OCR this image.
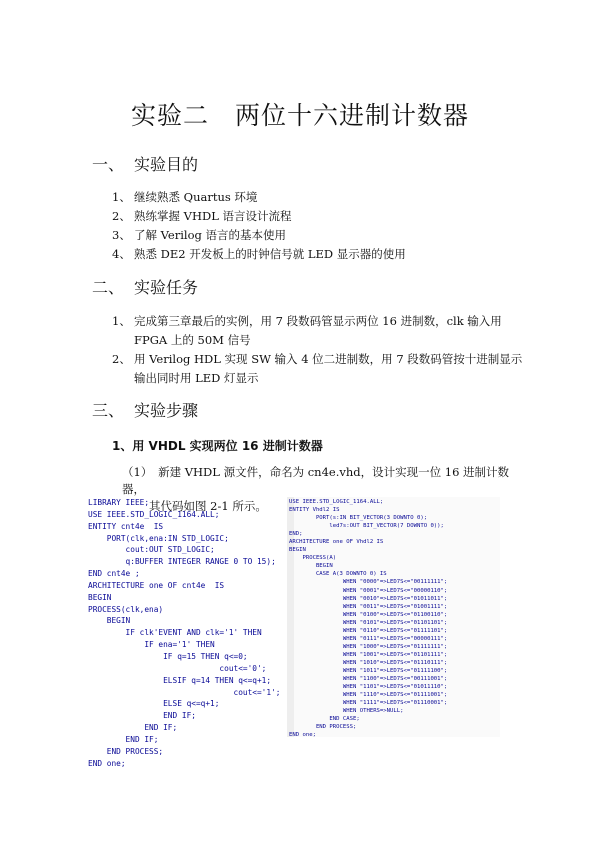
实验二　两位十六进制计数器
一、 实验目的
1、 继续熟悉 Quartus 环境
2、 熟练掌握 VHDL 语言设计流程
3、 了解 Verilog 语言的基本使用
4、 熟悉 DE2 开发板上的时钟信号就 LED 显示器的使用
二、 实验任务
1、 完成第三章最后的实例，用 7 段数码管显示两位 16 进制数，clk 输入用
FPGA 上的 50M 信号
2、 用 Verilog HDL 实现 SW 输入 4 位二进制数，用 7 段数码管按十进制显示
输出同时用 LED 灯显示
三、 实验步骤
1、用 VHDL 实现两位 16 进制计数器
（1）　新建 VHDL 源文件，命名为 cn4e.vhd，设计实现一位 16 进制计数器，
其代码如图 2-1 所示。
LIBRARY IEEE;
USE IEEE.STD_LOGIC_1164.ALL;
ENTITY cnt4e  IS
PORT(clk,ena:IN STD_LOGIC;
cout:OUT STD_LOGIC;
q:BUFFER INTEGER RANGE 0 TO 15);
END cnt4e ;
ARCHITECTURE one OF cnt4e  IS
BEGIN
PROCESS(clk,ena)
BEGIN
IF clk'EVENT AND clk='1' THEN
IF ena='1' THEN
IF q=15 THEN q<=0;
cout<='0';
ELSIF q=14 THEN q<=q+1;
cout<='1';
ELSE q<=q+1;
END IF;
END IF;
END IF;
END PROCESS;
END one;
USE IEEE.STD_LOGIC_1164.ALL;
ENTITY Vhdl2 IS
PORT(s:IN BIT_VECTOR(3 DOWNTO 0);
led7s:OUT BIT_VECTOR(7 DOWNTO 0));
END;
ARCHITECTURE one OF Vhdl2 IS
BEGIN
PROCESS(A)
BEGIN
CASE A(3 DOWNTO 0) IS
WHEN "0000"=>LED7S<="00111111";
WHEN "0001"=>LED7S<="00000110";
WHEN "0010"=>LED7S<="01011011";
WHEN "0011"=>LED7S<="01001111";
WHEN "0100"=>LED7S<="01100110";
WHEN "0101"=>LED7S<="01101101";
WHEN "0110"=>LED7S<="01111101";
WHEN "0111"=>LED7S<="00000111";
WHEN "1000"=>LED7S<="01111111";
WHEN "1001"=>LED7S<="01101111";
WHEN "1010"=>LED7S<="01110111";
WHEN "1011"=>LED7S<="01111100";
WHEN "1100"=>LED7S<="00111001";
WHEN "1101"=>LED7S<="01011110";
WHEN "1110"=>LED7S<="01111001";
WHEN "1111"=>LED7S<="01110001";
WHEN OTHERS=>NULL;
END CASE;
END PROCESS;
END one;
